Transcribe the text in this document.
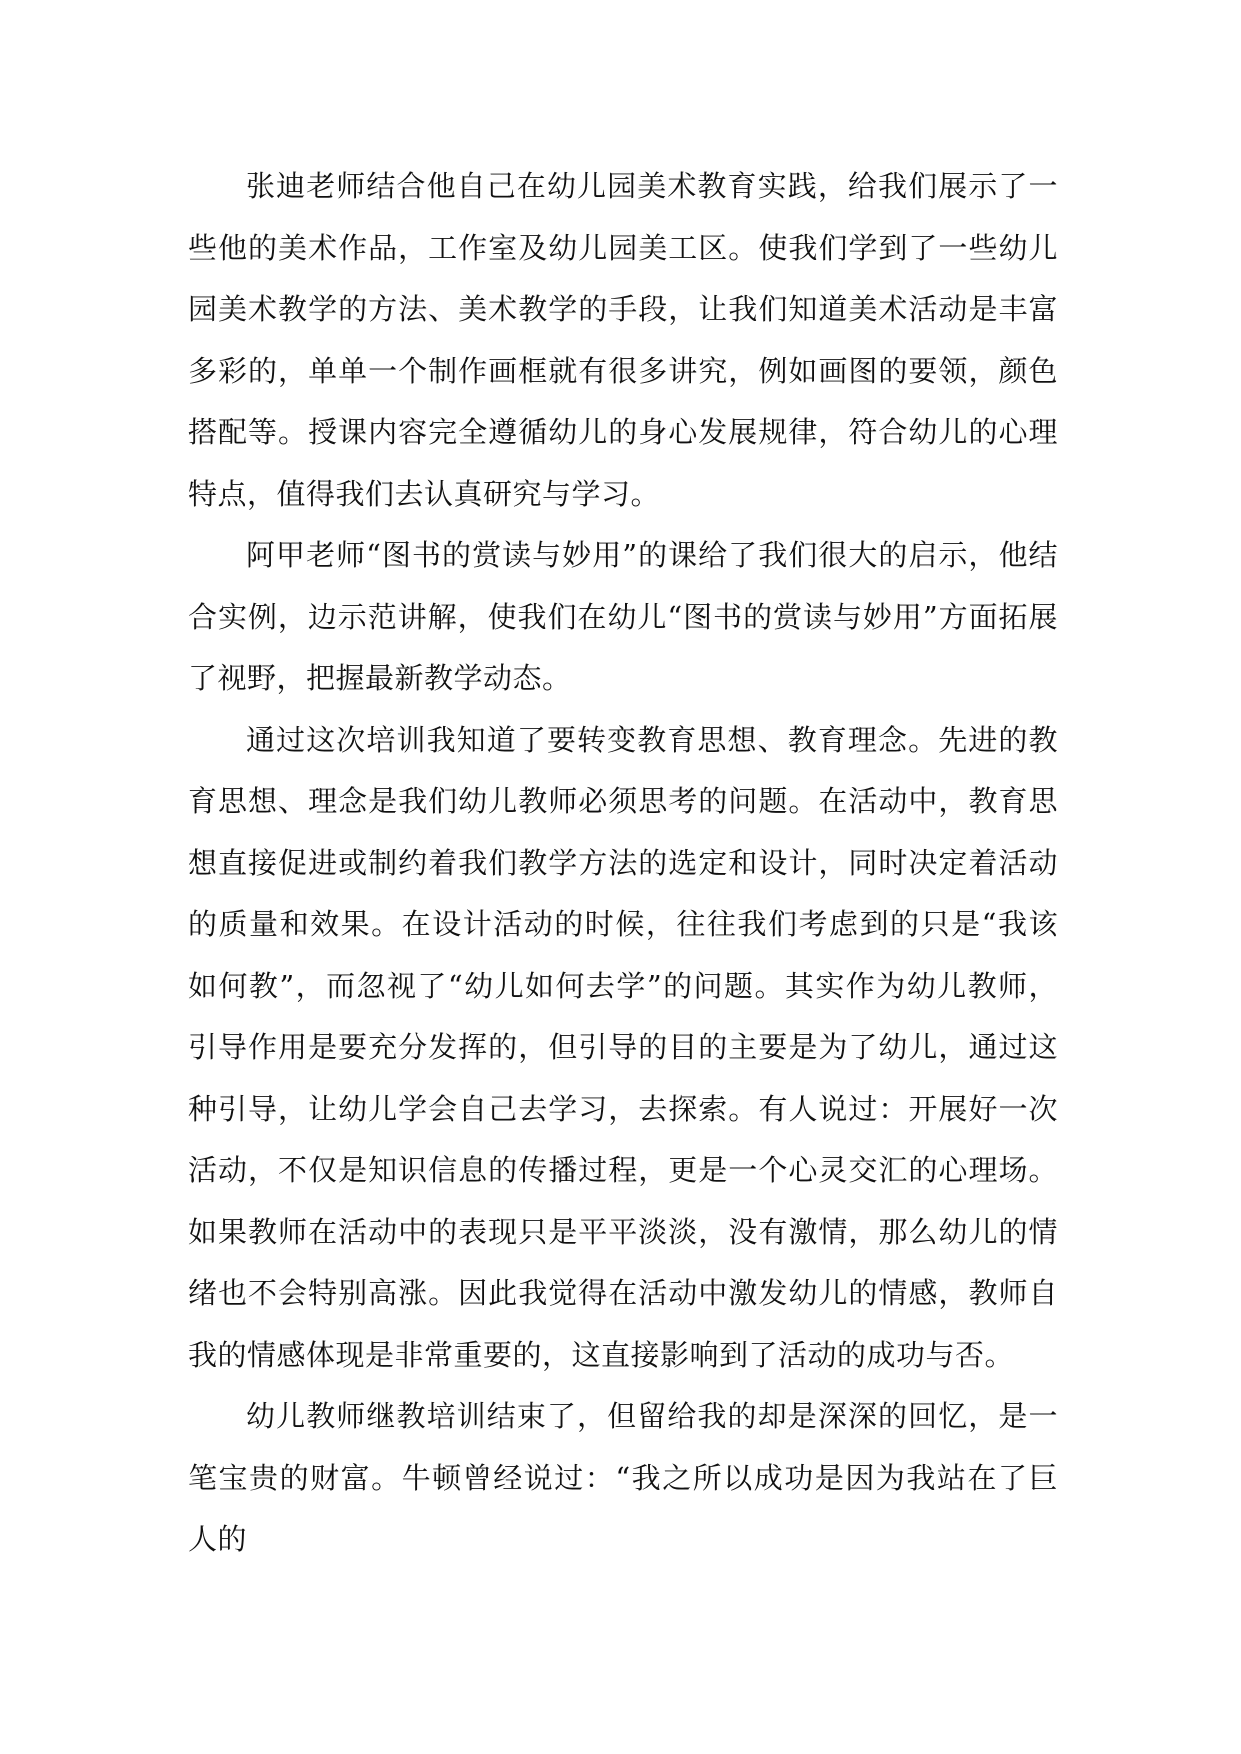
张迪老师结合他自己在幼儿园美术教育实践，给我们展示了一些他的美术作品，工作室及幼儿园美工区。使我们学到了一些幼儿园美术教学的方法、美术教学的手段，让我们知道美术活动是丰富多彩的，单单一个制作画框就有很多讲究，例如画图的要领，颜色搭配等。授课内容完全遵循幼儿的身心发展规律，符合幼儿的心理特点，值得我们去认真研究与学习。

阿甲老师“图书的赏读与妙用”的课给了我们很大的启示，他结合实例，边示范讲解，使我们在幼儿“图书的赏读与妙用”方面拓展了视野，把握最新教学动态。

通过这次培训我知道了要转变教育思想、教育理念。先进的教育思想、理念是我们幼儿教师必须思考的问题。在活动中，教育思想直接促进或制约着我们教学方法的选定和设计，同时决定着活动的质量和效果。在设计活动的时候，往往我们考虑到的只是“我该如何教”，而忽视了“幼儿如何去学”的问题。其实作为幼儿教师，引导作用是要充分发挥的，但引导的目的主要是为了幼儿，通过这种引导，让幼儿学会自己去学习，去探索。有人说过：开展好一次活动，不仅是知识信息的传播过程，更是一个心灵交汇的心理场。如果教师在活动中的表现只是平平淡淡，没有激情，那么幼儿的情绪也不会特别高涨。因此我觉得在活动中激发幼儿的情感，教师自我的情感体现是非常重要的，这直接影响到了活动的成功与否。

幼儿教师继教培训结束了，但留给我的却是深深的回忆，是一笔宝贵的财富。牛顿曾经说过：“我之所以成功是因为我站在了巨人的
